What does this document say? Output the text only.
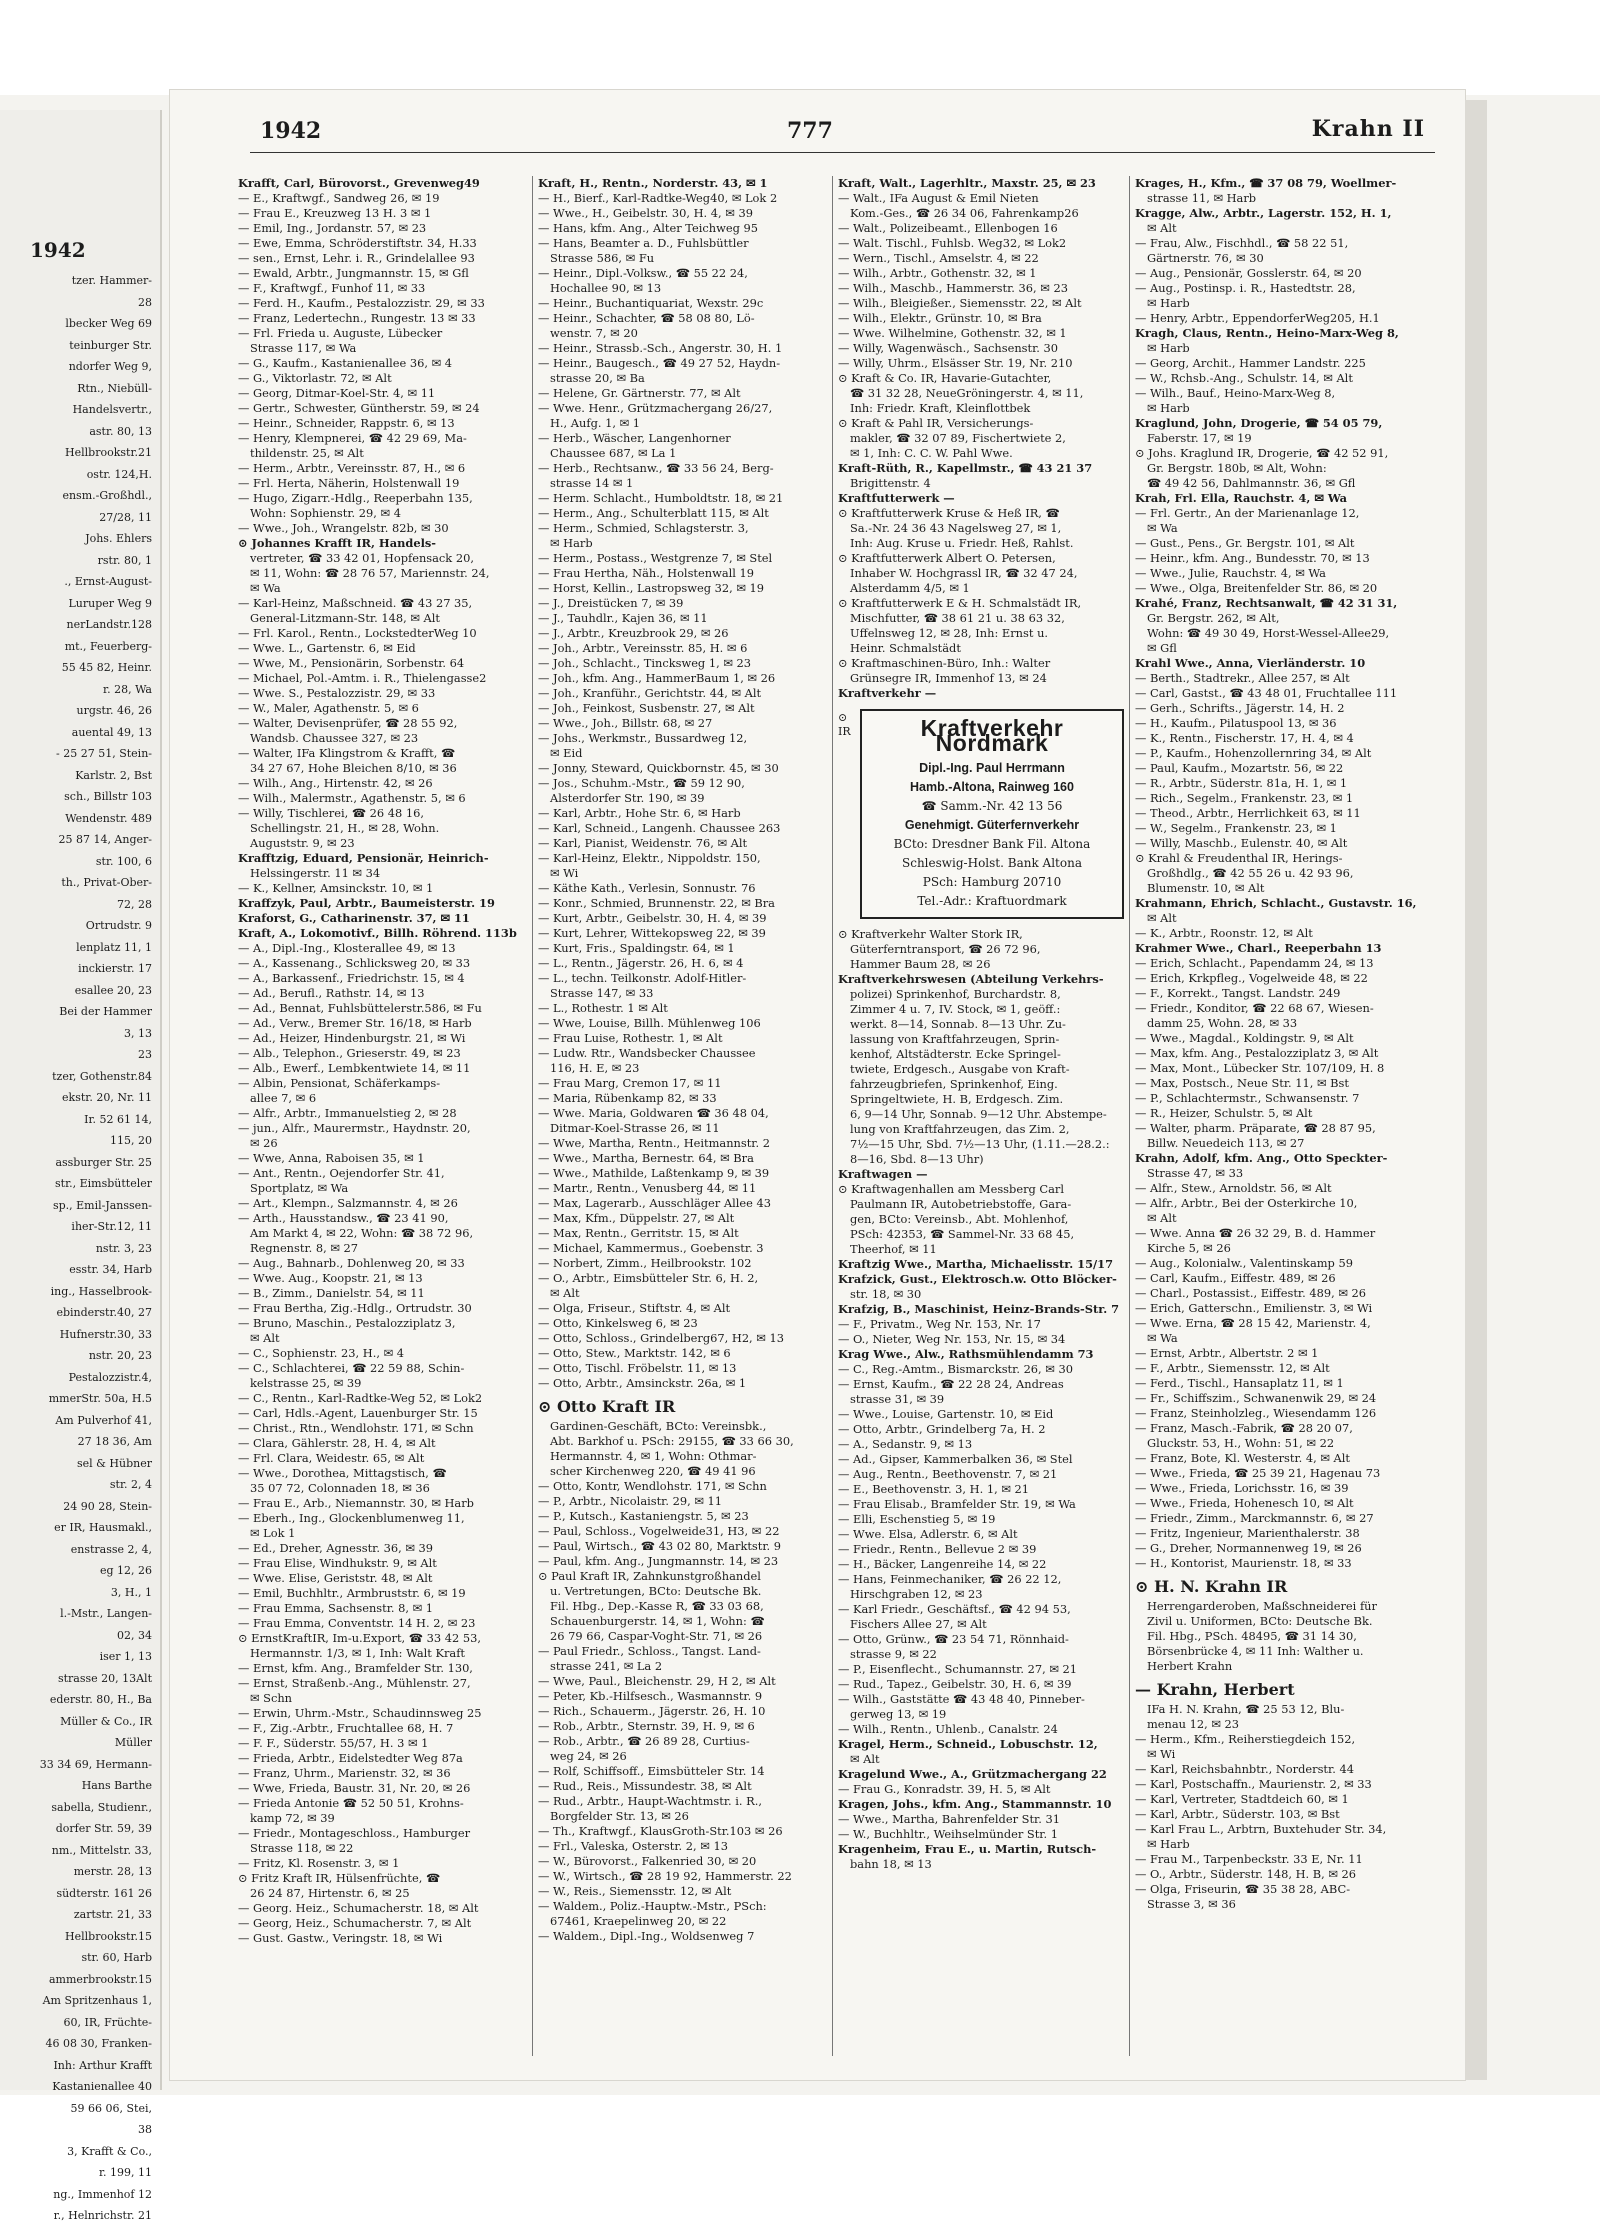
1942
tzer. Hammer-
28
lbecker Weg 69
teinburger Str.
ndorfer Weg 9,
Rtn., Niebüll-
Handelsvertr.,
astr. 80, 13
Hellbrookstr.21
ostr. 124,H.
ensm.-Großhdl.,
27/28, 11
Johs. Ehlers
rstr. 80, 1
., Ernst-August-
Luruper Weg 9
nerLandstr.128
mt., Feuerberg-
55 45 82, Heinr.
r. 28, Wa
urgstr. 46, 26
auental 49, 13
- 25 27 51, Stein-
Karlstr. 2, Bst
sch., Billstr 103
Wendenstr. 489
25 87 14, Anger-
str. 100, 6
th., Privat-Ober-
72, 28
Ortrudstr. 9
lenplatz 11, 1
inckierstr. 17
esallee 20, 23
Bei der Hammer
3, 13
23
tzer, Gothenstr.84
ekstr. 20, Nr. 11
Ir. 52 61 14,
115, 20
assburger Str. 25
str., Eimsbütteler
sp., Emil-Janssen-
iher-Str.12, 11
nstr. 3, 23
esstr. 34, Harb
ing., Hasselbrook-
ebinderstr.40, 27
Hufnerstr.30, 33
nstr. 20, 23
Pestalozzistr.4,
mmerStr. 50a, H.5
Am Pulverhof 41,
27 18 36, Am
sel & Hübner
str. 2, 4
24 90 28, Stein-
er IR, Hausmakl.,
enstrasse 2, 4,
eg 12, 26
3, H., 1
l.-Mstr., Langen-
02, 34
iser 1, 13
strasse 20, 13Alt
ederstr. 80, H., Ba
Müller & Co., IR
Müller
33 34 69, Hermann-
Hans Barthe
sabella, Studienr.,
dorfer Str. 59, 39
nm., Mittelstr. 33,
merstr. 28, 13
südterstr. 161 26
zartstr. 21, 33
Hellbrookstr.15
str. 60, Harb
ammerbrookstr.15
Am Spritzenhaus 1,
60, IR, Früchte-
46 08 30, Franken-
Inh: Arthur Krafft
Kastanienallee 40
59 66 06, Stei,
38
3, Krafft & Co.,
r. 199, 11
ng., Immenhof 12
r., Helnrichstr. 21
1942	777	Krahn II
Krafft, Carl, Bürovorst., Grevenweg49
— E., Kraftwgf., Sandweg 26, ✉ 19
— Frau E., Kreuzweg 13 H. 3 ✉ 1
— Emil, Ing., Jordanstr. 57, ✉ 23
— Ewe, Emma, Schröderstiftstr. 34, H.33
— sen., Ernst, Lehr. i. R., Grindelallee 93
— Ewald, Arbtr., Jungmannstr. 15, ✉ Gfl
— F., Kraftwgf., Funhof 11, ✉ 33
— Ferd. H., Kaufm., Pestalozzistr. 29, ✉ 33
— Franz, Ledertechn., Rungestr. 13 ✉ 33
— Frl. Frieda u. Auguste, Lübecker
Strasse 117, ✉ Wa
— G., Kaufm., Kastanienallee 36, ✉ 4
— G., Viktorlastr. 72, ✉ Alt
— Georg, Ditmar-Koel-Str. 4, ✉ 11
— Gertr., Schwester, Güntherstr. 59, ✉ 24
— Heinr., Schneider, Rappstr. 6, ✉ 13
— Henry, Klempnerei, ☎ 42 29 69, Ma-
thildenstr. 25, ✉ Alt
— Herm., Arbtr., Vereinsstr. 87, H., ✉ 6
— Frl. Herta, Näherin, Holstenwall 19
— Hugo, Zigarr.-Hdlg., Reeperbahn 135,
Wohn: Sophienstr. 29, ✉ 4
— Wwe., Joh., Wrangelstr. 82b, ✉ 30
⊙ Johannes Krafft IR, Handels-
vertreter, ☎ 33 42 01, Hopfensack 20,
✉ 11, Wohn: ☎ 28 76 57, Mariennstr. 24,
✉ Wa
— Karl-Heinz, Maßschneid. ☎ 43 27 35,
General-Litzmann-Str. 148, ✉ Alt
— Frl. Karol., Rentn., LockstedterWeg 10
— Wwe. L., Gartenstr. 6, ✉ Eid
— Wwe, M., Pensionärin, Sorbenstr. 64
— Michael, Pol.-Amtm. i. R., Thielengasse2
— Wwe. S., Pestalozzistr. 29, ✉ 33
— W., Maler, Agathenstr. 5, ✉ 6
— Walter, Devisenprüfer, ☎ 28 55 92,
Wandsb. Chaussee 327, ✉ 23
— Walter, IFa Klingstrom & Krafft, ☎
34 27 67, Hohe Bleichen 8/10, ✉ 36
— Wilh., Ang., Hirtenstr. 42, ✉ 26
— Wilh., Malermstr., Agathenstr. 5, ✉ 6
— Willy, Tischlerei, ☎ 26 48 16,
Schellingstr. 21, H., ✉ 28, Wohn.
Auguststr. 9, ✉ 23
Krafftzig, Eduard, Pensionär, Heinrich-
Helssingerstr. 11 ✉ 34
— K., Kellner, Amsinckstr. 10, ✉ 1
Kraffzyk, Paul, Arbtr., Baumeisterstr. 19
Kraforst, G., Catharinenstr. 37, ✉ 11
Kraft, A., Lokomotivf., Billh. Röhrend. 113b
— A., Dipl.-Ing., Klosterallee 49, ✉ 13
— A., Kassenang., Schlicksweg 20, ✉ 33
— A., Barkassenf., Friedrichstr. 15, ✉ 4
— Ad., Berufl., Rathstr. 14, ✉ 13
— Ad., Bennat, Fuhlsbüttelerstr.586, ✉ Fu
— Ad., Verw., Bremer Str. 16/18, ✉ Harb
— Ad., Heizer, Hindenburgstr. 21, ✉ Wi
— Alb., Telephon., Grieserstr. 49, ✉ 23
— Alb., Ewerf., Lembkentwiete 14, ✉ 11
— Albin, Pensionat, Schäferkamps-
allee 7, ✉ 6
— Alfr., Arbtr., Immanuelstieg 2, ✉ 28
— jun., Alfr., Maurermstr., Haydnstr. 20,
✉ 26
— Wwe, Anna, Raboisen 35, ✉ 1
— Ant., Rentn., Oejendorfer Str. 41,
Sportplatz, ✉ Wa
— Art., Klempn., Salzmannstr. 4, ✉ 26
— Arth., Hausstandsw., ☎ 23 41 90,
Am Markt 4, ✉ 22, Wohn: ☎ 38 72 96,
Regnenstr. 8, ✉ 27
— Aug., Bahnarb., Dohlenweg 20, ✉ 33
— Wwe. Aug., Koopstr. 21, ✉ 13
— B., Zimm., Danielstr. 54, ✉ 11
— Frau Bertha, Zig.-Hdlg., Ortrudstr. 30
— Bruno, Maschin., Pestalozziplatz 3,
✉ Alt
— C., Sophienstr. 23, H., ✉ 4
— C., Schlachterei, ☎ 22 59 88, Schin-
kelstrasse 25, ✉ 39
— C., Rentn., Karl-Radtke-Weg 52, ✉ Lok2
— Carl, Hdls.-Agent, Lauenburger Str. 15
— Christ., Rtn., Wendlohstr. 171, ✉ Schn
— Clara, Gählerstr. 28, H. 4, ✉ Alt
— Frl. Clara, Weidestr. 65, ✉ Alt
— Wwe., Dorothea, Mittagstisch, ☎
35 07 72, Colonnaden 18, ✉ 36
— Frau E., Arb., Niemannstr. 30, ✉ Harb
— Eberh., Ing., Glockenblumenweg 11,
✉ Lok 1
— Ed., Dreher, Agnesstr. 36, ✉ 39
— Frau Elise, Windhukstr. 9, ✉ Alt
— Wwe. Elise, Geriststr. 48, ✉ Alt
— Emil, Buchhltr., Armbruststr. 6, ✉ 19
— Frau Emma, Sachsenstr. 8, ✉ 1
— Frau Emma, Conventstr. 14 H. 2, ✉ 23
⊙ ErnstKraftIR, Im-u.Export, ☎ 33 42 53,
Hermannstr. 1/3, ✉ 1, Inh: Walt Kraft
— Ernst, kfm. Ang., Bramfelder Str. 130,
— Ernst, Straßenb.-Ang., Mühlenstr. 27,
✉ Schn
— Erwin, Uhrm.-Mstr., Schaudinnsweg 25
— F., Zig.-Arbtr., Fruchtallee 68, H. 7
— F. F., Süderstr. 55/57, H. 3 ✉ 1
— Frieda, Arbtr., Eidelstedter Weg 87a
— Franz, Uhrm., Marienstr. 32, ✉ 36
— Wwe, Frieda, Baustr. 31, Nr. 20, ✉ 26
— Frieda Antonie ☎ 52 50 51, Krohns-
kamp 72, ✉ 39
— Friedr., Montageschloss., Hamburger
Strasse 118, ✉ 22
— Fritz, Kl. Rosenstr. 3, ✉ 1
⊙ Fritz Kraft IR, Hülsenfrüchte, ☎
26 24 87, Hirtenstr. 6, ✉ 25
— Georg. Heiz., Schumacherstr. 18, ✉ Alt
— Georg, Heiz., Schumacherstr. 7, ✉ Alt
— Gust. Gastw., Veringstr. 18, ✉ Wi
Kraft, H., Rentn., Norderstr. 43, ✉ 1
— H., Bierf., Karl-Radtke-Weg40, ✉ Lok 2
— Wwe., H., Geibelstr. 30, H. 4, ✉ 39
— Hans, kfm. Ang., Alter Teichweg 95
— Hans, Beamter a. D., Fuhlsbüttler
Strasse 586, ✉ Fu
— Heinr., Dipl.-Volksw., ☎ 55 22 24,
Hochallee 90, ✉ 13
— Heinr., Buchantiquariat, Wexstr. 29c
— Heinr., Schachter, ☎ 58 08 80, Lö-
wenstr. 7, ✉ 20
— Heinr., Strassb.-Sch., Angerstr. 30, H. 1
— Heinr., Baugesch., ☎ 49 27 52, Haydn-
strasse 20, ✉ Ba
— Helene, Gr. Gärtnerstr. 77, ✉ Alt
— Wwe. Henr., Grützmachergang 26/27,
H., Aufg. 1, ✉ 1
— Herb., Wäscher, Langenhorner
Chaussee 687, ✉ La 1
— Herb., Rechtsanw., ☎ 33 56 24, Berg-
strasse 14 ✉ 1
— Herm. Schlacht., Humboldtstr. 18, ✉ 21
— Herm., Ang., Schulterblatt 115, ✉ Alt
— Herm., Schmied, Schlagsterstr. 3,
✉ Harb
— Herm., Postass., Westgrenze 7, ✉ Stel
— Frau Hertha, Näh., Holstenwall 19
— Horst, Kellin., Lastropsweg 32, ✉ 19
— J., Dreistücken 7, ✉ 39
— J., Tauhdlr., Kajen 36, ✉ 11
— J., Arbtr., Kreuzbrook 29, ✉ 26
— Joh., Arbtr., Vereinsstr. 85, H. ✉ 6
— Joh., Schlacht., Tincksweg 1, ✉ 23
— Joh., kfm. Ang., HammerBaum 1, ✉ 26
— Joh., Kranführ., Gerichtstr. 44, ✉ Alt
— Joh., Feinkost, Susbenstr. 27, ✉ Alt
— Wwe., Joh., Billstr. 68, ✉ 27
— Johs., Werkmstr., Bussardweg 12,
✉ Eid
— Jonny, Steward, Quickbornstr. 45, ✉ 30
— Jos., Schuhm.-Mstr., ☎ 59 12 90,
Alsterdorfer Str. 190, ✉ 39
— Karl, Arbtr., Hohe Str. 6, ✉ Harb
— Karl, Schneid., Langenh. Chaussee 263
— Karl, Pianist, Weidenstr. 76, ✉ Alt
— Karl-Heinz, Elektr., Nippoldstr. 150,
✉ Wi
— Käthe Kath., Verlesin, Sonnustr. 76
— Konr., Schmied, Brunnenstr. 22, ✉ Bra
— Kurt, Arbtr., Geibelstr. 30, H. 4, ✉ 39
— Kurt, Lehrer, Wittekopsweg 22, ✉ 39
— Kurt, Fris., Spaldingstr. 64, ✉ 1
— L., Rentn., Jägerstr. 26, H. 6, ✉ 4
— L., techn. Teilkonstr. Adolf-Hitler-
Strasse 147, ✉ 33
— L., Rothestr. 1 ✉ Alt
— Wwe, Louise, Billh. Mühlenweg 106
— Frau Luise, Rothestr. 1, ✉ Alt
— Ludw. Rtr., Wandsbecker Chaussee
116, H. E, ✉ 23
— Frau Marg, Cremon 17, ✉ 11
— Maria, Rübenkamp 82, ✉ 33
— Wwe. Maria, Goldwaren ☎ 36 48 04,
Ditmar-Koel-Strasse 26, ✉ 11
— Wwe, Martha, Rentn., Heitmannstr. 2
— Wwe., Martha, Bernestr. 64, ✉ Bra
— Wwe., Mathilde, Laßtenkamp 9, ✉ 39
— Martr., Rentn., Venusberg 44, ✉ 11
— Max, Lagerarb., Ausschläger Allee 43
— Max, Kfm., Düppelstr. 27, ✉ Alt
— Max, Rentn., Gerritstr. 15, ✉ Alt
— Michael, Kammermus., Goebenstr. 3
— Norbert, Zimm., Heilbrookstr. 102
— O., Arbtr., Eimsbütteler Str. 6, H. 2,
✉ Alt
— Olga, Friseur., Stiftstr. 4, ✉ Alt
— Otto, Kinkelsweg 6, ✉ 23
— Otto, Schloss., Grindelberg67, H2, ✉ 13
— Otto, Stew., Marktstr. 142, ✉ 6
— Otto, Tischl. Fröbelstr. 11, ✉ 13
— Otto, Arbtr., Amsinckstr. 26a, ✉ 1
⊙ Otto Kraft IR
Gardinen-Geschäft, BCto: Vereinsbk.,
Abt. Barkhof u. PSch: 29155, ☎ 33 66 30,
Hermannstr. 4, ✉ 1, Wohn: Othmar-
scher Kirchenweg 220, ☎ 49 41 96
— Otto, Kontr, Wendlohstr. 171, ✉ Schn
— P., Arbtr., Nicolaistr. 29, ✉ 11
— P., Kutsch., Kastaniengstr. 5, ✉ 23
— Paul, Schloss., Vogelweide31, H3, ✉ 22
— Paul, Wirtsch., ☎ 43 02 80, Marktstr. 9
— Paul, kfm. Ang., Jungmannstr. 14, ✉ 23
⊙ Paul Kraft IR, Zahnkunstgroßhandel
u. Vertretungen, BCto: Deutsche Bk.
Fil. Hbg., Dep.-Kasse R, ☎ 33 03 68,
Schauenburgerstr. 14, ✉ 1, Wohn: ☎
26 79 66, Caspar-Voght-Str. 71, ✉ 26
— Paul Friedr., Schloss., Tangst. Land-
strasse 241, ✉ La 2
— Wwe, Paul., Bleichenstr. 29, H 2, ✉ Alt
— Peter, Kb.-Hilfsesch., Wasmannstr. 9
— Rich., Schauerm., Jägerstr. 26, H. 10
— Rob., Arbtr., Sternstr. 39, H. 9, ✉ 6
— Rob., Arbtr., ☎ 26 89 28, Curtius-
weg 24, ✉ 26
— Rolf, Schiffsoff., Eimsbütteler Str. 14
— Rud., Reis., Missundestr. 38, ✉ Alt
— Rud., Arbtr., Haupt-Wachtmstr. i. R.,
Borgfelder Str. 13, ✉ 26
— Th., Kraftwgf., KlausGroth-Str.103 ✉ 26
— Frl., Valeska, Osterstr. 2, ✉ 13
— W., Bürovorst., Falkenried 30, ✉ 20
— W., Wirtsch., ☎ 28 19 92, Hammerstr. 22
— W., Reis., Siemensstr. 12, ✉ Alt
— Waldem., Poliz.-Hauptw.-Mstr., PSch:
67461, Kraepelinweg 20, ✉ 22
— Waldem., Dipl.-Ing., Woldsenweg 7
Kraft, Walt., Lagerhltr., Maxstr. 25, ✉ 23
— Walt., IFa August & Emil Nieten
Kom.-Ges., ☎ 26 34 06, Fahrenkamp26
— Walt., Polizeibeamt., Ellenbogen 16
— Walt. Tischl., Fuhlsb. Weg32, ✉ Lok2
— Wern., Tischl., Amselstr. 4, ✉ 22
— Wilh., Arbtr., Gothenstr. 32, ✉ 1
— Wilh., Maschb., Hammerstr. 36, ✉ 23
— Wilh., Bleigießer., Siemensstr. 22, ✉ Alt
— Wilh., Elektr., Grünstr. 10, ✉ Bra
— Wwe. Wilhelmine, Gothenstr. 32, ✉ 1
— Willy, Wagenwäsch., Sachsenstr. 30
— Willy, Uhrm., Elsässer Str. 19, Nr. 210
⊙ Kraft & Co. IR, Havarie-Gutachter,
☎ 31 32 28, NeueGröningerstr. 4, ✉ 11,
Inh: Friedr. Kraft, Kleinflottbek
⊙ Kraft & Pahl IR, Versicherungs-
makler, ☎ 32 07 89, Fischertwiete 2,
✉ 1, Inh: C. C. W. Pahl Wwe.
Kraft-Rüth, R., Kapellmstr., ☎ 43 21 37
Brigittenstr. 4
Kraftfutterwerk —
⊙ Kraftfutterwerk Kruse & Heß IR, ☎
Sa.-Nr. 24 36 43 Nagelsweg 27, ✉ 1,
Inh: Aug. Kruse u. Friedr. Heß, Rahlst.
⊙ Kraftfutterwerk Albert O. Petersen,
Inhaber W. Hochgrassl IR, ☎ 32 47 24,
Alsterdamm 4/5, ✉ 1
⊙ Kraftfutterwerk E & H. Schmalstädt IR,
Mischfutter, ☎ 38 61 21 u. 38 63 32,
Uffelnsweg 12, ✉ 28, Inh: Ernst u.
Heinr. Schmalstädt
⊙ Kraftmaschinen-Büro, Inh.: Walter
Grünsegre IR, Immenhof 13, ✉ 24
Kraftverkehr —
⊙
IR	Kraftverkehr Nordmark
Dipl.-Ing. Paul Herrmann
Hamb.-Altona, Rainweg 160
☎ Samm.-Nr. 42 13 56
Genehmigt. Güterfernverkehr
BCto: Dresdner Bank Fil. Altona
Schleswig-Holst. Bank Altona
PSch: Hamburg 20710
Tel.-Adr.: Kraftuordmark
⊙ Kraftverkehr Walter Stork IR,
Güterferntransport, ☎ 26 72 96,
Hammer Baum 28, ✉ 26
Kraftverkehrswesen (Abteilung Verkehrs-
polizei) Sprinkenhof, Burchardstr. 8,
Zimmer 4 u. 7, IV. Stock, ✉ 1, geöff.:
werkt. 8—14, Sonnab. 8—13 Uhr. Zu-
lassung von Kraftfahrzeugen, Sprin-
kenhof, Altstädterstr. Ecke Springel-
twiete, Erdgesch., Ausgabe von Kraft-
fahrzeugbriefen, Sprinkenhof, Eing.
Springeltwiete, H. B, Erdgesch. Zim.
6, 9—14 Uhr, Sonnab. 9—12 Uhr. Abstempe-
lung von Kraftfahrzeugen, das Zim. 2,
7½—15 Uhr, Sbd. 7½—13 Uhr, (1.11.—28.2.:
8—16, Sbd. 8—13 Uhr)
Kraftwagen —
⊙ Kraftwagenhallen am Messberg Carl
Paulmann IR, Autobetriebstoffe, Gara-
gen, BCto: Vereinsb., Abt. Mohlenhof,
PSch: 42353, ☎ Sammel-Nr. 33 68 45,
Theerhof, ✉ 11
Kraftzig Wwe., Martha, Michaelisstr. 15/17
Krafzick, Gust., Elektrosch.w. Otto Blöcker-
str. 18, ✉ 30
Krafzig, B., Maschinist, Heinz-Brands-Str. 7
— F., Privatm., Weg Nr. 153, Nr. 17
— O., Nieter, Weg Nr. 153, Nr. 15, ✉ 34
Krag Wwe., Alw., Rathsmühlendamm 73
— C., Reg.-Amtm., Bismarckstr. 26, ✉ 30
— Ernst, Kaufm., ☎ 22 28 24, Andreas
strasse 31, ✉ 39
— Wwe., Louise, Gartenstr. 10, ✉ Eid
— Otto, Arbtr., Grindelberg 7a, H. 2
— A., Sedanstr. 9, ✉ 13
— Ad., Gipser, Kammerbalken 36, ✉ Stel
— Aug., Rentn., Beethovenstr. 7, ✉ 21
— E., Beethovenstr. 3, H. 1, ✉ 21
— Frau Elisab., Bramfelder Str. 19, ✉ Wa
— Elli, Eschenstieg 5, ✉ 19
— Wwe. Elsa, Adlerstr. 6, ✉ Alt
— Friedr., Rentn., Bellevue 2 ✉ 39
— H., Bäcker, Langenreihe 14, ✉ 22
— Hans, Feinmechaniker, ☎ 26 22 12,
Hirschgraben 12, ✉ 23
— Karl Friedr., Geschäftsf., ☎ 42 94 53,
Fischers Allee 27, ✉ Alt
— Otto, Grünw., ☎ 23 54 71, Rönnhaid-
strasse 9, ✉ 22
— P., Eisenflecht., Schumannstr. 27, ✉ 21
— Rud., Tapez., Geibelstr. 30, H. 6, ✉ 39
— Wilh., Gaststätte ☎ 43 48 40, Pinneber-
gerweg 13, ✉ 19
— Wilh., Rentn., Uhlenb., Canalstr. 24
Kragel, Herm., Schneid., Lobuschstr. 12,
✉ Alt
Kragelund Wwe., A., Grützmachergang 22
— Frau G., Konradstr. 39, H. 5, ✉ Alt
Kragen, Johs., kfm. Ang., Stammannstr. 10
— Wwe., Martha, Bahrenfelder Str. 31
— W., Buchhltr., Weihselmünder Str. 1
Kragenheim, Frau E., u. Martin, Rutsch-
bahn 18, ✉ 13
Krages, H., Kfm., ☎ 37 08 79, Woellmer-
strasse 11, ✉ Harb
Kragge, Alw., Arbtr., Lagerstr. 152, H. 1,
✉ Alt
— Frau, Alw., Fischhdl., ☎ 58 22 51,
Gärtnerstr. 76, ✉ 30
— Aug., Pensionär, Gosslerstr. 64, ✉ 20
— Aug., Postinsp. i. R., Hastedtstr. 28,
✉ Harb
— Henry, Arbtr., EppendorferWeg205, H.1
Kragh, Claus, Rentn., Heino-Marx-Weg 8,
✉ Harb
— Georg, Archit., Hammer Landstr. 225
— W., Rchsb.-Ang., Schulstr. 14, ✉ Alt
— Wilh., Bauf., Heino-Marx-Weg 8,
✉ Harb
Kraglund, John, Drogerie, ☎ 54 05 79,
Faberstr. 17, ✉ 19
⊙ Johs. Kraglund IR, Drogerie, ☎ 42 52 91,
Gr. Bergstr. 180b, ✉ Alt, Wohn:
☎ 49 42 56, Dahlmannstr. 36, ✉ Gfl
Krah, Frl. Ella, Rauchstr. 4, ✉ Wa
— Frl. Gertr., An der Marienanlage 12,
✉ Wa
— Gust., Pens., Gr. Bergstr. 101, ✉ Alt
— Heinr., kfm. Ang., Bundesstr. 70, ✉ 13
— Wwe., Julie, Rauchstr. 4, ✉ Wa
— Wwe., Olga, Breitenfelder Str. 86, ✉ 20
Krahé, Franz, Rechtsanwalt, ☎ 42 31 31,
Gr. Bergstr. 262, ✉ Alt,
Wohn: ☎ 49 30 49, Horst-Wessel-Allee29,
✉ Gfl
Krahl Wwe., Anna, Vierländerstr. 10
— Berth., Stadtrekr., Allee 257, ✉ Alt
— Carl, Gastst., ☎ 43 48 01, Fruchtallee 111
— Gerh., Schrifts., Jägerstr. 14, H. 2
— H., Kaufm., Pilatuspool 13, ✉ 36
— K., Rentn., Fischerstr. 17, H. 4, ✉ 4
— P., Kaufm., Hohenzollernring 34, ✉ Alt
— Paul, Kaufm., Mozartstr. 56, ✉ 22
— R., Arbtr., Süderstr. 81a, H. 1, ✉ 1
— Rich., Segelm., Frankenstr. 23, ✉ 1
— Theod., Arbtr., Herrlichkeit 63, ✉ 11
— W., Segelm., Frankenstr. 23, ✉ 1
— Willy, Maschb., Eulenstr. 40, ✉ Alt
⊙ Krahl & Freudenthal IR, Herings-
Großhdlg., ☎ 42 55 26 u. 42 93 96,
Blumenstr. 10, ✉ Alt
Krahmann, Ehrich, Schlacht., Gustavstr. 16,
✉ Alt
— K., Arbtr., Roonstr. 12, ✉ Alt
Krahmer Wwe., Charl., Reeperbahn 13
— Erich, Schlacht., Papendamm 24, ✉ 13
— Erich, Krkpfleg., Vogelweide 48, ✉ 22
— F., Korrekt., Tangst. Landstr. 249
— Friedr., Konditor, ☎ 22 68 67, Wiesen-
damm 25, Wohn. 28, ✉ 33
— Wwe., Magdal., Koldingstr. 9, ✉ Alt
— Max, kfm. Ang., Pestalozziplatz 3, ✉ Alt
— Max, Mont., Lübecker Str. 107/109, H. 8
— Max, Postsch., Neue Str. 11, ✉ Bst
— P., Schlachtermstr., Schwansenstr. 7
— R., Heizer, Schulstr. 5, ✉ Alt
— Walter, pharm. Präparate, ☎ 28 87 95,
Billw. Neuedeich 113, ✉ 27
Krahn, Adolf, kfm. Ang., Otto Speckter-
Strasse 47, ✉ 33
— Alfr., Stew., Arnoldstr. 56, ✉ Alt
— Alfr., Arbtr., Bei der Osterkirche 10,
✉ Alt
— Wwe. Anna ☎ 26 32 29, B. d. Hammer
Kirche 5, ✉ 26
— Aug., Kolonialw., Valentinskamp 59
— Carl, Kaufm., Eiffestr. 489, ✉ 26
— Charl., Postassist., Eiffestr. 489, ✉ 26
— Erich, Gatterschn., Emilienstr. 3, ✉ Wi
— Wwe. Erna, ☎ 28 15 42, Marienstr. 4,
✉ Wa
— Ernst, Arbtr., Albertstr. 2 ✉ 1
— F., Arbtr., Siemensstr. 12, ✉ Alt
— Ferd., Tischl., Hansaplatz 11, ✉ 1
— Fr., Schiffszim., Schwanenwik 29, ✉ 24
— Franz, Steinholzleg., Wiesendamm 126
— Franz, Masch.-Fabrik, ☎ 28 20 07,
Gluckstr. 53, H., Wohn: 51, ✉ 22
— Franz, Bote, Kl. Westerstr. 4, ✉ Alt
— Wwe., Frieda, ☎ 25 39 21, Hagenau 73
— Wwe., Frieda, Lorichsstr. 16, ✉ 39
— Wwe., Frieda, Hohenesch 10, ✉ Alt
— Friedr., Zimm., Marckmannstr. 6, ✉ 27
— Fritz, Ingenieur, Marienthalerstr. 38
— G., Dreher, Normannenweg 19, ✉ 26
— H., Kontorist, Maurienstr. 18, ✉ 33
⊙ H. N. Krahn IR
Herrengarderoben, Maßschneiderei für
Zivil u. Uniformen, BCto: Deutsche Bk.
Fil. Hbg., PSch. 48495, ☎ 31 14 30,
Börsenbrücke 4, ✉ 11 Inh: Walther u.
Herbert Krahn
— Krahn, Herbert
IFa H. N. Krahn, ☎ 25 53 12, Blu-
menau 12, ✉ 23
— Herm., Kfm., Reiherstiegdeich 152,
✉ Wi
— Karl, Reichsbahnbtr., Norderstr. 44
— Karl, Postschaffn., Maurienstr. 2, ✉ 33
— Karl, Vertreter, Stadtdeich 60, ✉ 1
— Karl, Arbtr., Süderstr. 103, ✉ Bst
— Karl Frau L., Arbtrn, Buxtehuder Str. 34,
✉ Harb
— Frau M., Tarpenbeckstr. 33 E, Nr. 11
— O., Arbtr., Süderstr. 148, H. B, ✉ 26
— Olga, Friseurin, ☎ 35 38 28, ABC-
Strasse 3, ✉ 36
